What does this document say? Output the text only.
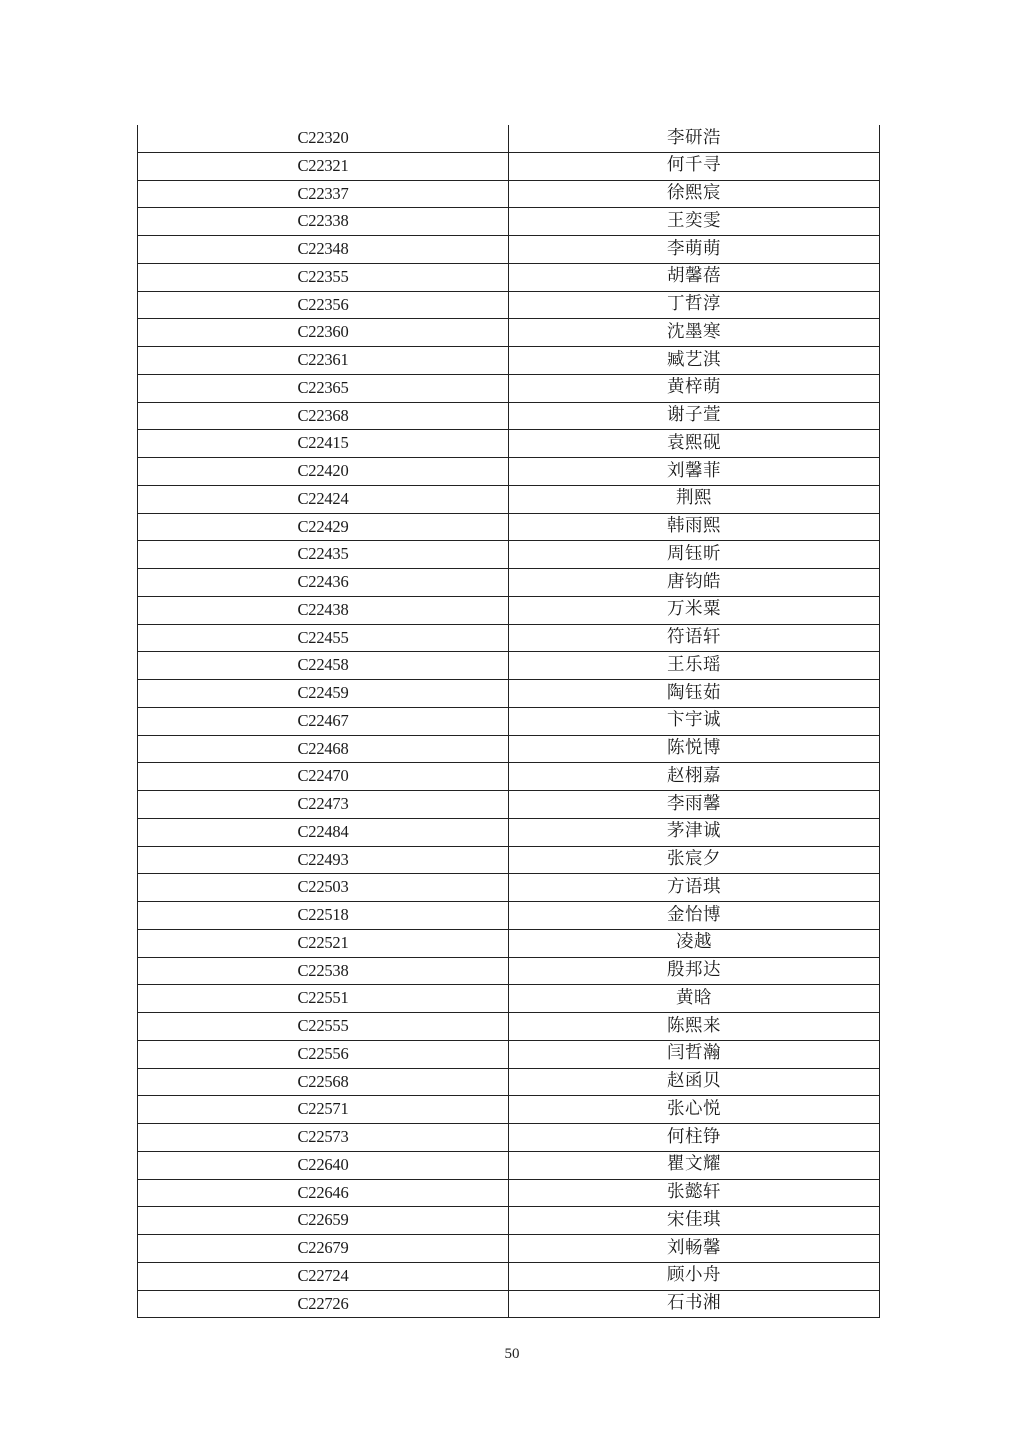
C22320	李研浩
C22321	何千寻
C22337	徐熙宸
C22338	王奕雯
C22348	李萌萌
C22355	胡馨蓓
C22356	丁哲淳
C22360	沈墨寒
C22361	臧艺淇
C22365	黄梓萌
C22368	谢子萱
C22415	袁熙砚
C22420	刘馨菲
C22424	荆熙
C22429	韩雨熙
C22435	周钰昕
C22436	唐钧皓
C22438	万米粟
C22455	符语轩
C22458	王乐瑶
C22459	陶钰茹
C22467	卞宇诚
C22468	陈悦博
C22470	赵栩嘉
C22473	李雨馨
C22484	茅津诚
C22493	张宸夕
C22503	方语琪
C22518	金怡博
C22521	凌越
C22538	殷邦达
C22551	黄晗
C22555	陈熙来
C22556	闫哲瀚
C22568	赵函贝
C22571	张心悦
C22573	何柱铮
C22640	瞿文耀
C22646	张懿轩
C22659	宋佳琪
C22679	刘畅馨
C22724	顾小舟
C22726	石书湘
50
